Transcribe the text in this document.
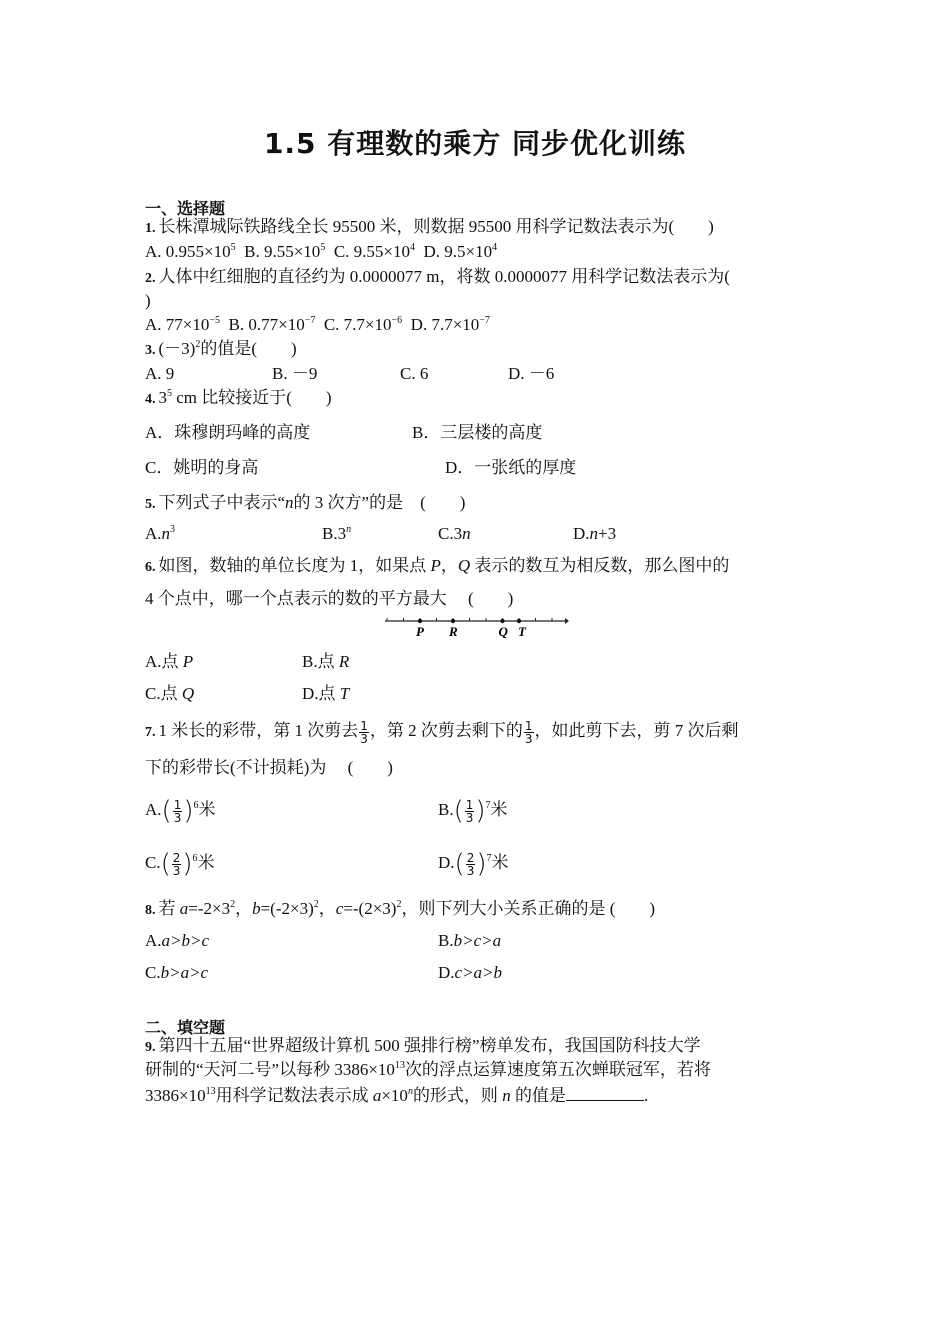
1.5 有理数的乘方 同步优化训练
一、选择题
1. 长株潭城际铁路线全长 95500 米，则数据 95500 用科学记数法表示为(　　)
A. $0.955\times 10^5$ B. $9.55\times 10^5$ C. $9.55\times 10^4$ D. $9.5\times 10^4$
2. 人体中红细胞的直径约为 0.0000077 m，将数 0.0000077 用科学记数法表示为(
)
A. $77\times 10^{-5}$ B. $0.77\times 10^{-7}$ C. $7.7\times 10^{-6}$ D. $7.7\times 10^{-7}$
3. $(-3)^2$的值是(　　)
A. 9	B. －9	C. 6	D. －6
4. $3^5$ cm 比较接近于(　　)
A．珠穆朗玛峰的高度	B．三层楼的高度
C．姚明的身高	D．一张纸的厚度
5. 下列式子中表示“n的 3 次方”的是　(　　)
$A.n^3$	B.3$^n$	C.3n	D.n+3
6. 如图，数轴的单位长度为 1，如果点 P，Q 表示的数互为相反数，那么图中的
4 个点中，哪一个点表示的数的平方最大　 (　　)
P R	Q T
A.点 P	B.点 R
C.点 Q	D.点 T
7. 1 米长的彩带，第 1 次剪去 $\frac{1}{3}$ ，第 2 次剪去剩下的 $\frac{1}{3}$ ，如此剪下去，剪 7 次后剩
下的彩带长(不计损耗)为　 (　　)
$A.( \frac{1}{3} )^6$米	$B.( \frac{1}{3} )^7$米
$C.( \frac{2}{3} )^6$米	$D.( \frac{2}{3} )^7$米
8. 若 $a=-2\times 3^2$，$b=(-2\times 3)^2$，$c=-(2\times 3)^2$，则下列大小关系正确的是 (　　)
A.a>b>c	B.b>c>a
C.b>a>c	D.c>a>b
二、填空题
9. 第四十五届“世界超级计算机 500 强排行榜”榜单发布，我国国防科技大学
研制的“天河二号”以每秒 $3386\times 10^{13}$次的浮点运算速度第五次蝉联冠军，若将
$3386\times 10^{13}$用科学记数法表示成 $a\times 10^n$的形式，则 n 的值是	.
